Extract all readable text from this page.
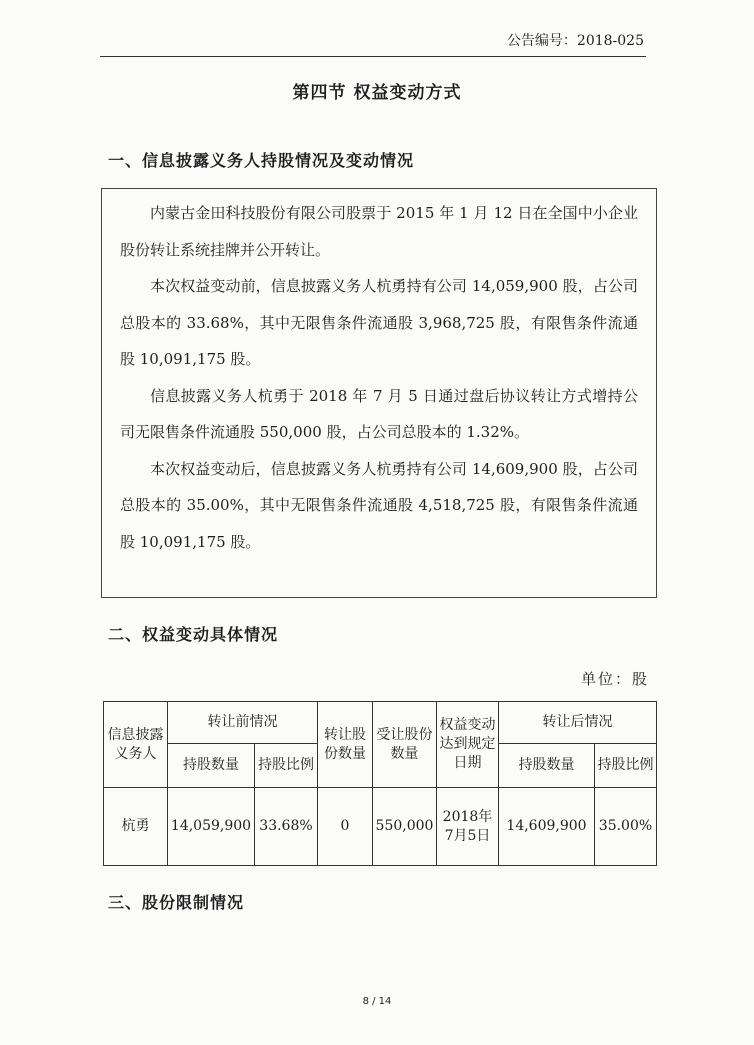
公告编号：2018-025
第四节 权益变动方式
一、信息披露义务人持股情况及变动情况

内蒙古金田科技股份有限公司股票于 2015 年 1 月 12 日在全国中小企业股份转让系统挂牌并公开转让。

本次权益变动前，信息披露义务人杭勇持有公司 14,059,900 股，占公司总股本的 33.68%，其中无限售条件流通股 3,968,725 股，有限售条件流通股 10,091,175 股。

信息披露义务人杭勇于 2018 年 7 月 5 日通过盘后协议转让方式增持公司无限售条件流通股 550,000 股，占公司总股本的 1.32%。

本次权益变动后，信息披露义务人杭勇持有公司 14,609,900 股，占公司总股本的 35.00%，其中无限售条件流通股 4,518,725 股，有限售条件流通股 10,091,175 股。

二、权益变动具体情况
单位：股
信息披露义务人	转让前情况		转让股份数量	受让股份数量	权益变动达到规定日期	转让后情况	
	持股数量	持股比例				持股数量	持股比例
杭勇	14,059,900	33.68%	0	550,000	2018年7月5日	14,609,900	35.00%
三、股份限制情况
8 / 14
